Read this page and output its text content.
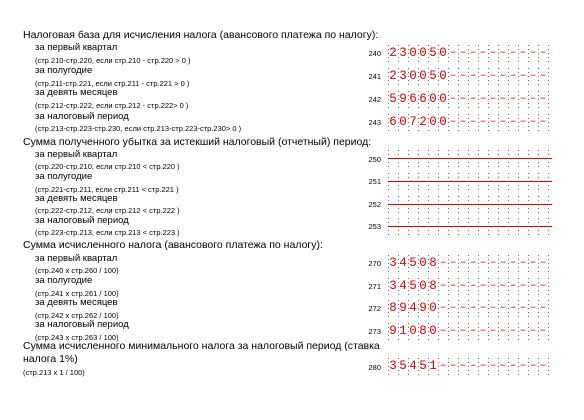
Налоговая база для исчисления налога (авансового платежа по налогу):
за первый квартал
(стр.210-стр.220, если стр.210 - стр.220 > 0 )
240 2 3 0 0 5 0 – – – – – – – – – –
за полугодие
(стр.211-стр.221, если стр.211 - стр.221 > 0 )
241 2 3 0 0 5 0 – – – – – – – – – –
за девять месяцев
(стр.212-стр.222, если стр.212 - стр.222> 0 )
242 5 9 6 6 0 0 – – – – – – – – – –
за налоговый период
(стр.213-стр.223-стр.230, если стр.213-стр.223-стр.230> 0 )
243 6 0 7 2 0 0 – – – – – – – – – –
Сумма полученного убытка за истекший налоговый (отчетный) период:
за первый квартал
(стр.220-стр.210, если стр.210 < стр.220 )
250
за полугодие
(стр.221-стр.211, если стр.211 < стр.221 )
251
за девять месяцев
(стр.222-стр.212, если стр.212 < стр.222 )
252
за налоговый период
(стр.223-стр.213, если стр.213 < стр.223 )
253
Сумма исчисленного налога (авансового платежа по налогу):
за первый квартал
(стр.240 х стр.260 / 100)
270 3 4 5 0 8 – – – – – – – – – – –
за полугодие
(стр.241 х стр.261 / 100)
271 3 4 5 0 8 – – – – – – – – – – –
за девять месяцев
(стр.242 х стр.262 / 100)
272 8 9 4 9 0 – – – – – – – – – – –
за налоговый период
(стр.243 х стр.263 / 100)
273 9 1 0 8 0 – – – – – – – – – – –
Сумма исчисленного минимального налога за налоговый период (ставка
налога 1%)
(стр.213 х 1 / 100)
280 3 5 4 5 1 – – – – – – – – – – –
